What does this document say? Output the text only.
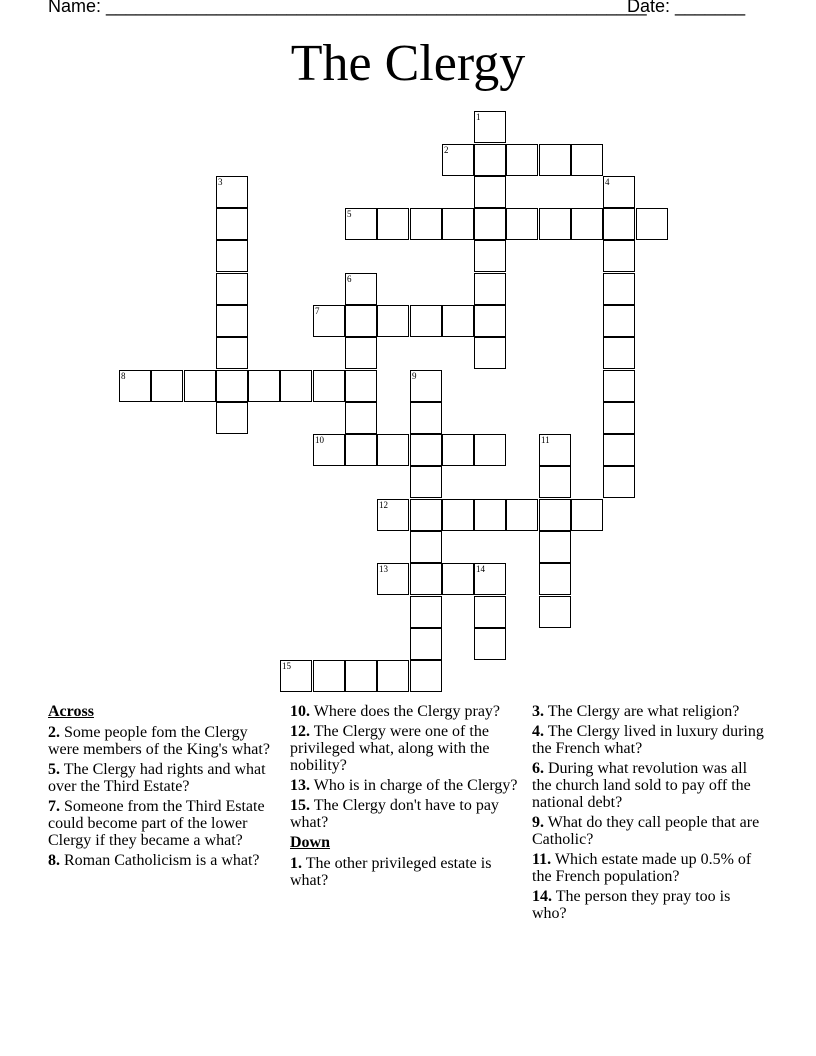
Name: ______________________________________________________
Date: _______
The Clergy
1
2
3	4
5
6
7
8	9
10	11
12
13	14
15
Across
2. Some people fom the Clergy were members of the King's what?
5. The Clergy had rights and what over the Third Estate?
7. Someone from the Third Estate could become part of the lower Clergy if they became a what?
8. Roman Catholicism is a what?
10. Where does the Clergy pray?
12. The Clergy were one of the privileged what, along with the nobility?
13. Who is in charge of the Clergy?
15. The Clergy don't have to pay what?
Down
1. The other privileged estate is what?
3. The Clergy are what religion?
4. The Clergy lived in luxury during the French what?
6. During what revolution was all the church land sold to pay off the national debt?
9. What do they call people that are Catholic?
11. Which estate made up 0.5% of the French population?
14. The person they pray too is who?
